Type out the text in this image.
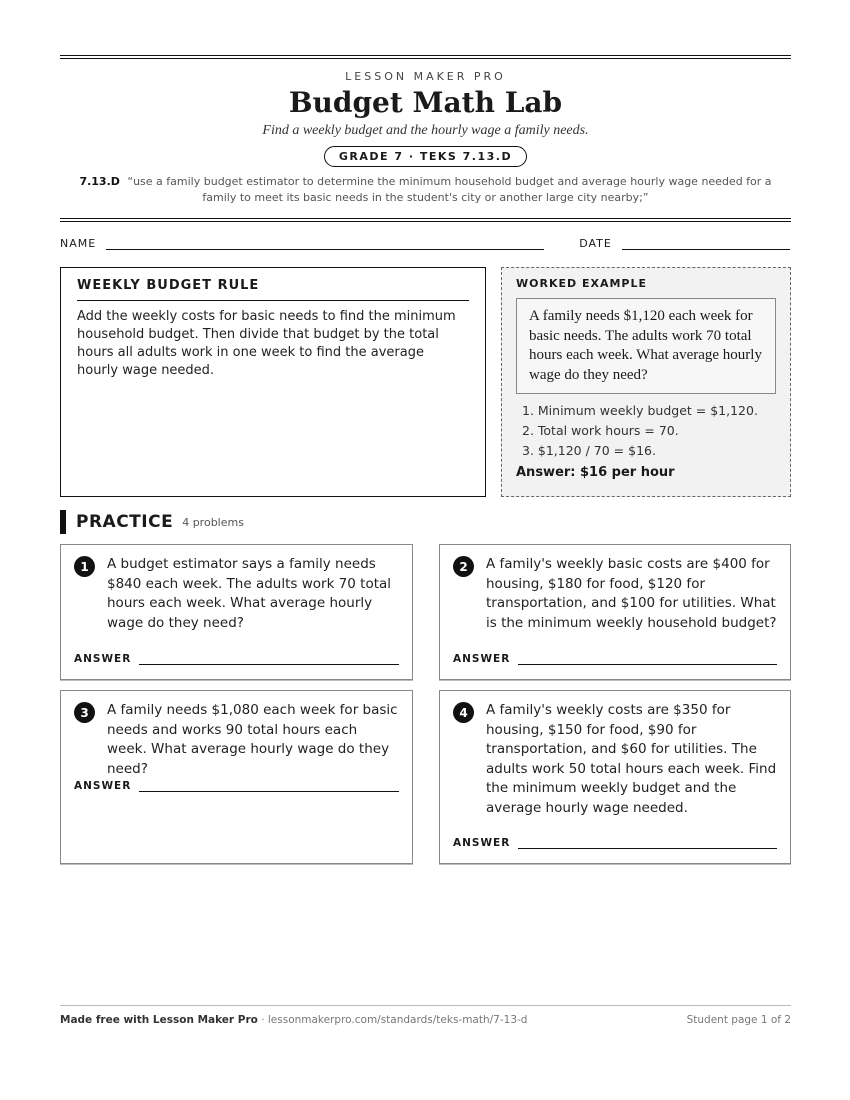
LESSON MAKER PRO
Budget Math Lab
Find a weekly budget and the hourly wage a family needs.
GRADE 7 · TEKS 7.13.D
7.13.D “use a family budget estimator to determine the minimum household budget and average hourly wage needed for a family to meet its basic needs in the student's city or another large city nearby;”
NAME	DATE
WEEKLY BUDGET RULE

Add the weekly costs for basic needs to find the minimum household budget. Then divide that budget by the total hours all adults work in one week to find the average hourly wage needed.

WORKED EXAMPLE
A family needs $1,120 each week for basic needs. The adults work 70 total hours each week. What average hourly wage do they need?
1. Minimum weekly budget = $1,120.
2. Total work hours = 70.
3. $1,120 / 70 = $16.
Answer: $16 per hour
PRACTICE 4 problems
1	A budget estimator says a family needs $840 each week. The adults work 70 total hours each week. What average hourly wage do they need?
ANSWER
2	A family's weekly basic costs are $400 for housing, $180 for food, $120 for transportation, and $100 for utilities. What is the minimum weekly household budget?
ANSWER
3	A family needs $1,080 each week for basic needs and works 90 total hours each week. What average hourly wage do they need?
ANSWER
4	A family's weekly costs are $350 for housing, $150 for food, $90 for transportation, and $60 for utilities. The adults work 50 total hours each week. Find the minimum weekly budget and the average hourly wage needed.
ANSWER
Made free with Lesson Maker Pro · lessonmakerpro.com/standards/teks-math/7-13-d	Student page 1 of 2
